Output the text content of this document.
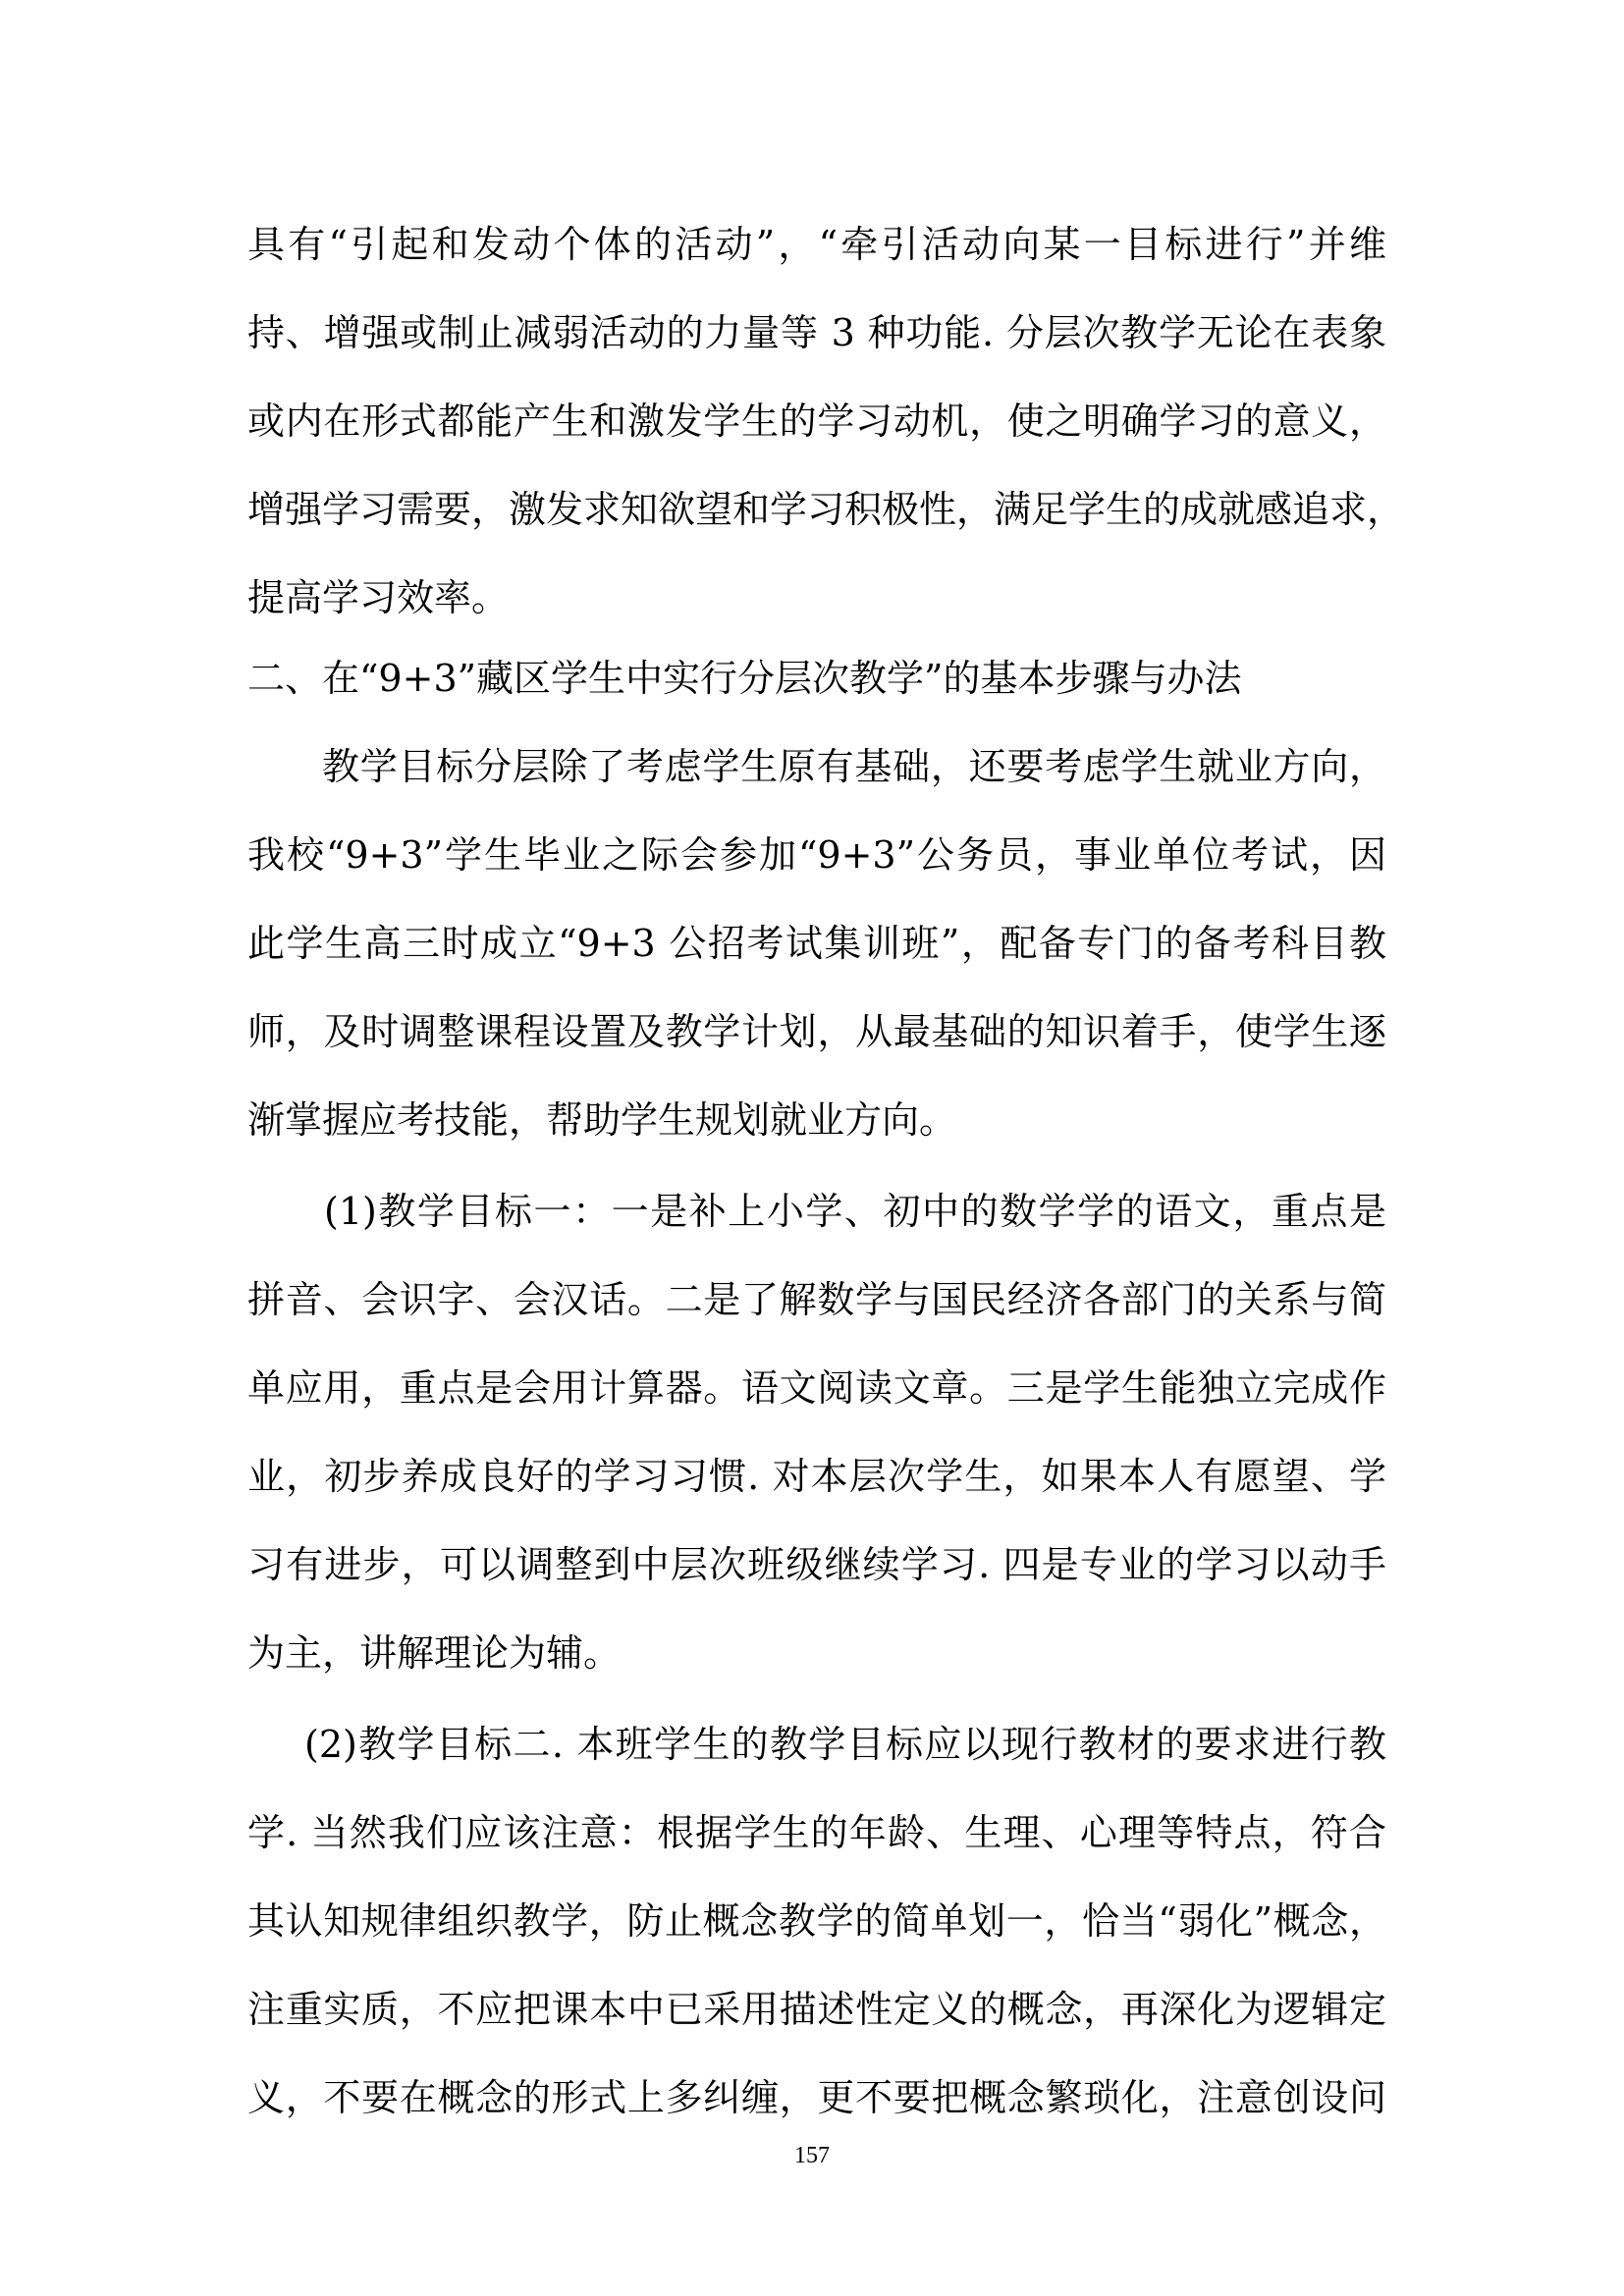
具有“引起和发动个体的活动”，“牵引活动向某一目标进行”并维
持、增强或制止减弱活动的力量等 3 种功能. 分层次教学无论在表象
或内在形式都能产生和激发学生的学习动机，使之明确学习的意义，
增强学习需要，激发求知欲望和学习积极性，满足学生的成就感追求，
提高学习效率。
二、在“9+3”藏区学生中实行分层次教学”的基本步骤与办法
教学目标分层除了考虑学生原有基础，还要考虑学生就业方向，
我校“9+3”学生毕业之际会参加“9+3”公务员，事业单位考试，因
此学生高三时成立“9+3 公招考试集训班”，配备专门的备考科目教
师，及时调整课程设置及教学计划，从最基础的知识着手，使学生逐
渐掌握应考技能，帮助学生规划就业方向。
(1)教学目标一：一是补上小学、初中的数学学的语文，重点是
拼音、会识字、会汉话。二是了解数学与国民经济各部门的关系与简
单应用，重点是会用计算器。语文阅读文章。三是学生能独立完成作
业，初步养成良好的学习习惯. 对本层次学生，如果本人有愿望、学
习有进步，可以调整到中层次班级继续学习. 四是专业的学习以动手
为主，讲解理论为辅。
(2)教学目标二. 本班学生的教学目标应以现行教材的要求进行教
学. 当然我们应该注意：根据学生的年龄、生理、心理等特点，符合
其认知规律组织教学，防止概念教学的简单划一，恰当“弱化”概念，
注重实质，不应把课本中已采用描述性定义的概念，再深化为逻辑定
义，不要在概念的形式上多纠缠，更不要把概念繁琐化，注意创设问
157
